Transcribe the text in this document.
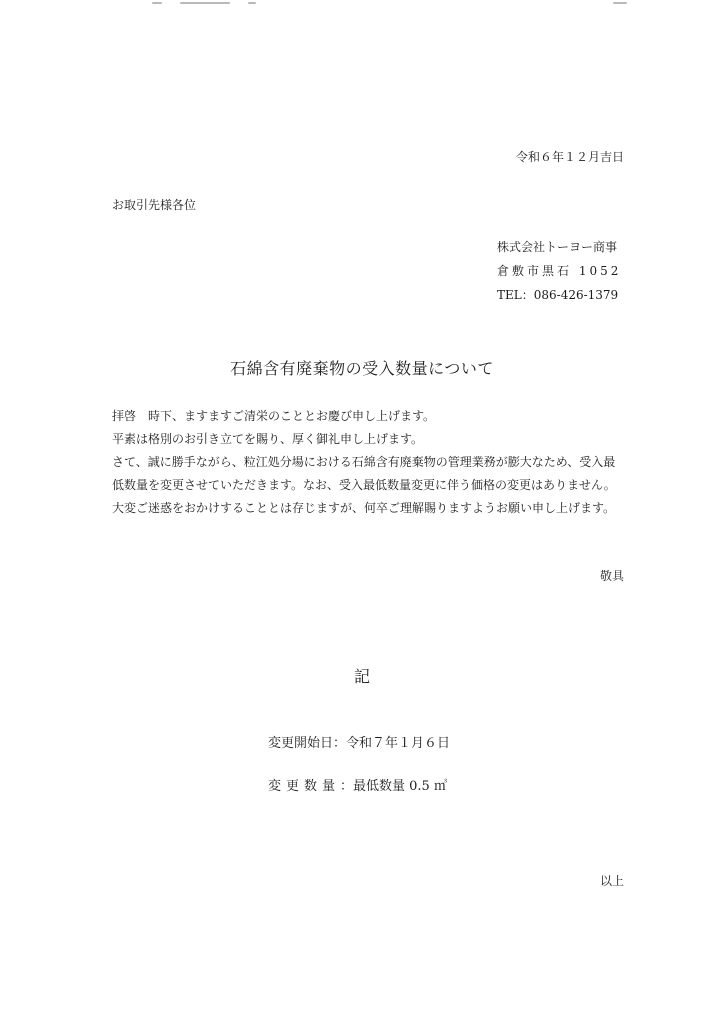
令和６年１２月吉日
お取引先様各位
株式会社トーヨー商事
倉敷市黒石 1052
TEL：086-426-1379
石綿含有廃棄物の受入数量について

拝啓　時下、ますますご清栄のこととお慶び申し上げます。

平素は格別のお引き立てを賜り、厚く御礼申し上げます。

さて、誠に勝手ながら、粒江処分場における石綿含有廃棄物の管理業務が膨大なため、受入最低数量を変更させていただきます。なお、受入最低数量変更に伴う価格の変更はありません。

大変ご迷惑をおかけすることとは存じますが、何卒ご理解賜りますようお願い申し上げます。

敬具
記
変更開始日：令和７年１月６日
変更数量：最低数量 0.5 ㎥
以上
